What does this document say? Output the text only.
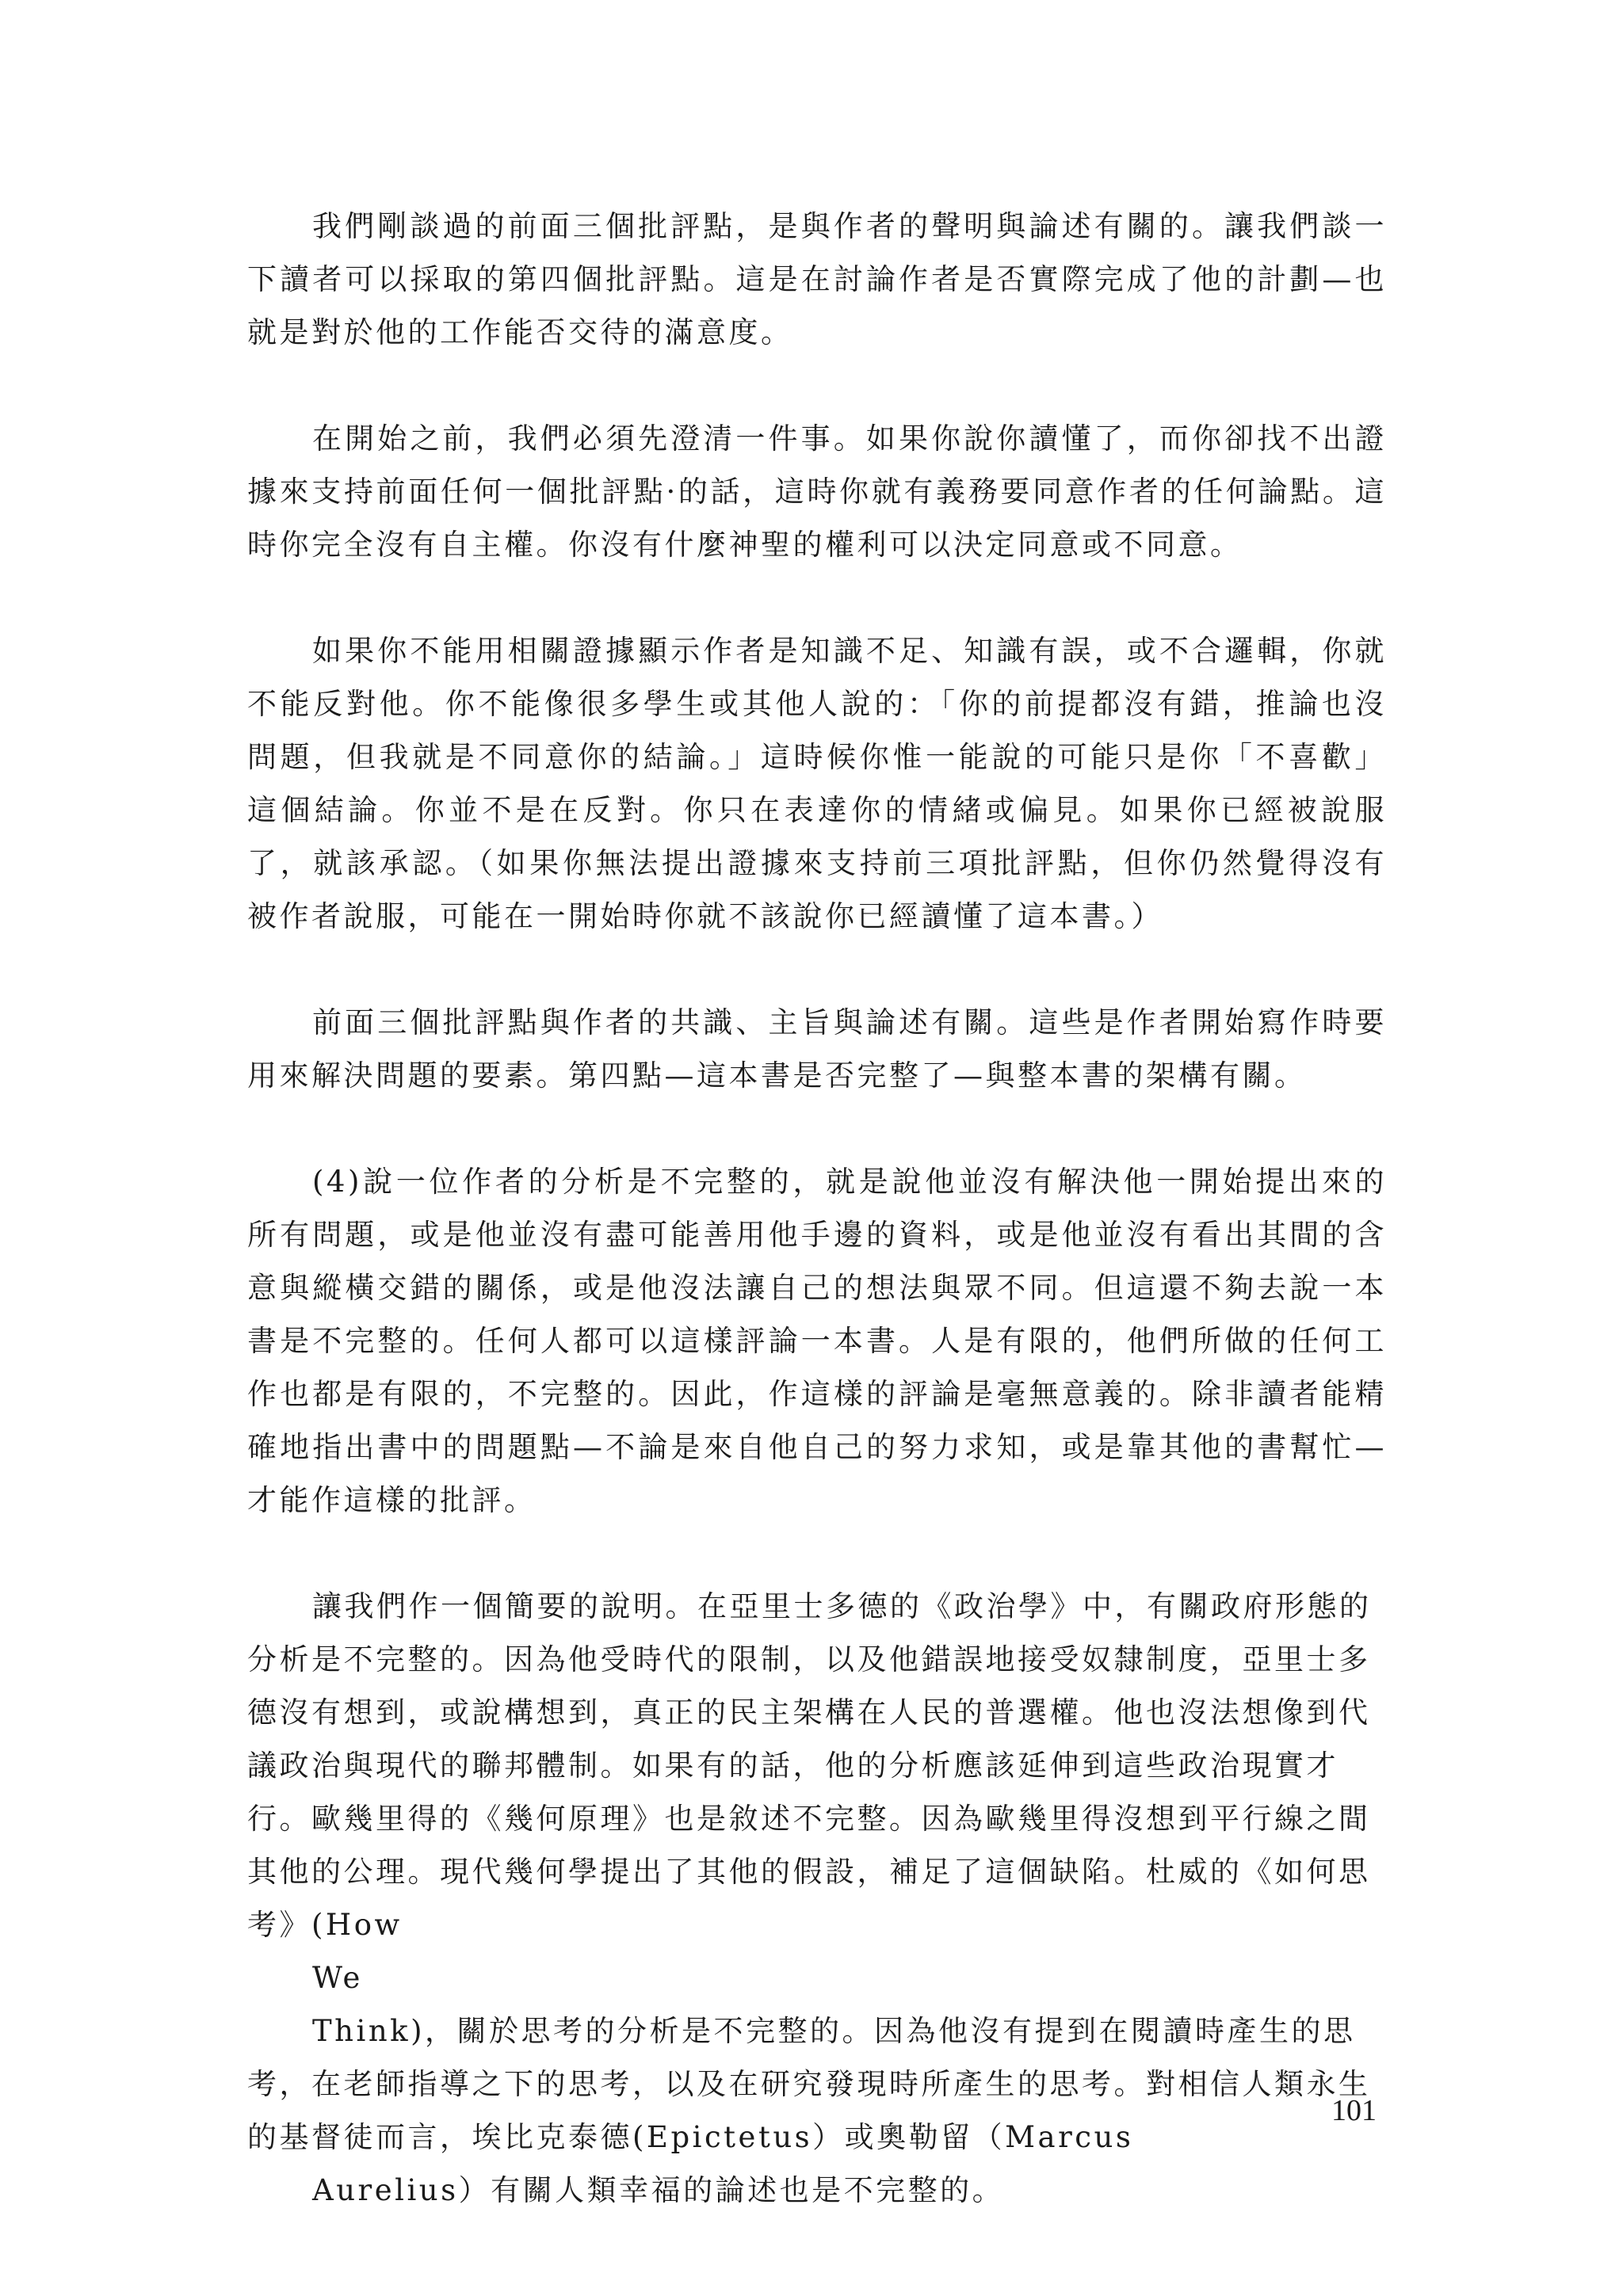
我們剛談過的前面三個批評點，是與作者的聲明與論述有關的。讓我們談一下讀者可以採取的第四個批評點。這是在討論作者是否實際完成了他的計劃—也就是對於他的工作能否交待的滿意度。

在開始之前，我們必須先澄清一件事。如果你說你讀懂了，而你卻找不出證據來支持前面任何一個批評點·的話，這時你就有義務要同意作者的任何論點。這時你完全沒有自主權。你沒有什麼神聖的權利可以決定同意或不同意。

如果你不能用相關證據顯示作者是知識不足、知識有誤，或不合邏輯，你就不能反對他。你不能像很多學生或其他人說的：「你的前提都沒有錯，推論也沒問題，但我就是不同意你的結論。」這時候你惟一能說的可能只是你「不喜歡」這個結論。你並不是在反對。你只在表達你的情緒或偏見。如果你已經被說服了，就該承認。（如果你無法提出證據來支持前三項批評點，但你仍然覺得沒有被作者說服，可能在一開始時你就不該說你已經讀懂了這本書。）

前面三個批評點與作者的共識、主旨與論述有關。這些是作者開始寫作時要用來解決問題的要素。第四點—這本書是否完整了—與整本書的架構有關。

(4)說一位作者的分析是不完整的，就是說他並沒有解決他一開始提出來的所有問題，或是他並沒有盡可能善用他手邊的資料，或是他並沒有看出其間的含意與縱橫交錯的關係，或是他沒法讓自己的想法與眾不同。但這還不夠去說一本書是不完整的。任何人都可以這樣評論一本書。人是有限的，他們所做的任何工作也都是有限的，不完整的。因此，作這樣的評論是毫無意義的。除非讀者能精確地指出書中的問題點—不論是來自他自己的努力求知，或是靠其他的書幫忙—才能作這樣的批評。

讓我們作一個簡要的說明。在亞里士多德的《政治學》中，有關政府形態的
分析是不完整的。因為他受時代的限制，以及他錯誤地接受奴隸制度，亞里士多
德沒有想到，或說構想到，真正的民主架構在人民的普選權。他也沒法想像到代
議政治與現代的聯邦體制。如果有的話，他的分析應該延伸到這些政治現實才
行。歐幾里得的《幾何原理》也是敘述不完整。因為歐幾里得沒想到平行線之間
其他的公理。現代幾何學提出了其他的假設，補足了這個缺陷。杜威的《如何思
考》(How
We
Think)，關於思考的分析是不完整的。因為他沒有提到在閱讀時產生的思
考，在老師指導之下的思考，以及在研究發現時所產生的思考。對相信人類永生
的基督徒而言，埃比克泰德(Epictetus）或奧勒留（Marcus
Aurelius）有關人類幸福的論述也是不完整的。
101
